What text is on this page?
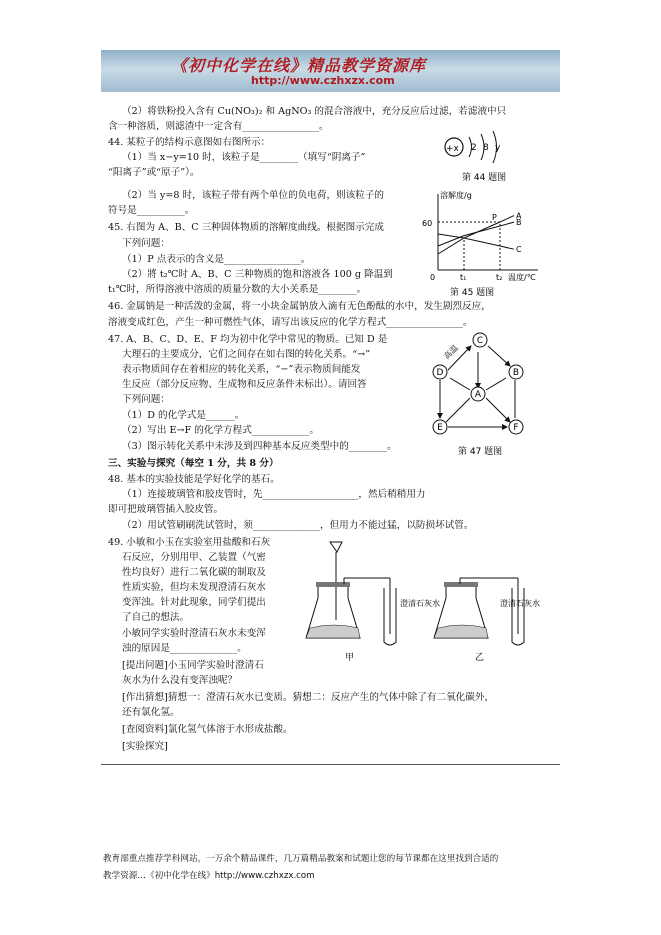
《初中化学在线》精品教学资源库
http://www.czhxzx.com
（2）将铁粉投入含有 Cu(NO₃)₂ 和 AgNO₃ 的混合溶液中，充分反应后过滤，若滤液中只
含一种溶质，则滤渣中一定含有________________。
44. 某粒子的结构示意图如右图所示：
（1）当 x−y=10 时，该粒子是________（填写“阴离子”
“阳离子”或“原子”）。
（2）当 y=8 时，该粒子带有两个单位的负电荷，则该粒子的
符号是__________。
45. 右图为 A、B、C 三种固体物质的溶解度曲线。根据图示完成
下列问题：
（1）P 点表示的含义是________________。
（2）將 t₂℃时 A、B、C 三种物质的饱和溶液各 100 g 降温到
t₁℃时，所得溶液中溶质的质量分数的大小关系是________。
46. 金属钠是一种活泼的金属，将一小块金属钠放入滴有无色酚酞的水中，发生剧烈反应，
溶液变成红色，产生一种可燃性气体，请写出该反应的化学方程式________________。
47. A、B、C、D、E、F 均为初中化学中常见的物质。已知 D 是
大理石的主要成分，它们之间存在如右图的转化关系。“→”
表示物质间存在着相应的转化关系，“−”表示物质间能发
生反应（部分反应物、生成物和反应条件未标出）。请回答
下列问题：
（1）D 的化学式是______。
（2）写出 E→F 的化学方程式____________。
（3）图示转化关系中未涉及到四种基本反应类型中的________。
三、实验与探究（每空 1 分，共 8 分）
48. 基本的实验技能是学好化学的基石。
（1）连接玻璃管和胶皮管时，先____________________，然后稍稍用力
即可把玻璃管插入胶皮管。
（2）用试管刷刷洗试管时，须______________，但用力不能过猛，以防损坏试管。
49. 小敏和小玉在实验室用盐酸和石灰
石反应，分别用甲、乙装置（气密
性均良好）进行二氧化碳的制取及
性质实验，但均未发现澄清石灰水
变浑浊。针对此现象，同学们提出
了自己的想法。
小敏同学实验时澄清石灰水未变浑
浊的原因是______________。
[提出问题]小玉同学实验时澄清石
灰水为什么没有变浑浊呢？
[作出猜想]猜想一：澄清石灰水已变质。猜想二：反应产生的气体中除了有二氧化碳外，
还有氯化氢。
[查阅资料]氯化氢气体溶于水形成盐酸。
[实验探究]
+x 2 8 y
第 44 题图
溶解度/g
60
0	t₁	t₂ 温度/℃
A
B
C
P
第 45 题图
C
D	B
A
E	F
高温
第 47 题图
澄清石灰水
甲
澄清石灰水
乙
教育部重点推荐学科网站，一万余个精品课件，几万篇精品教案和试题让您的每节课都在这里找到合适的
教学资源…《初中化学在线》http://www.czhxzx.com
